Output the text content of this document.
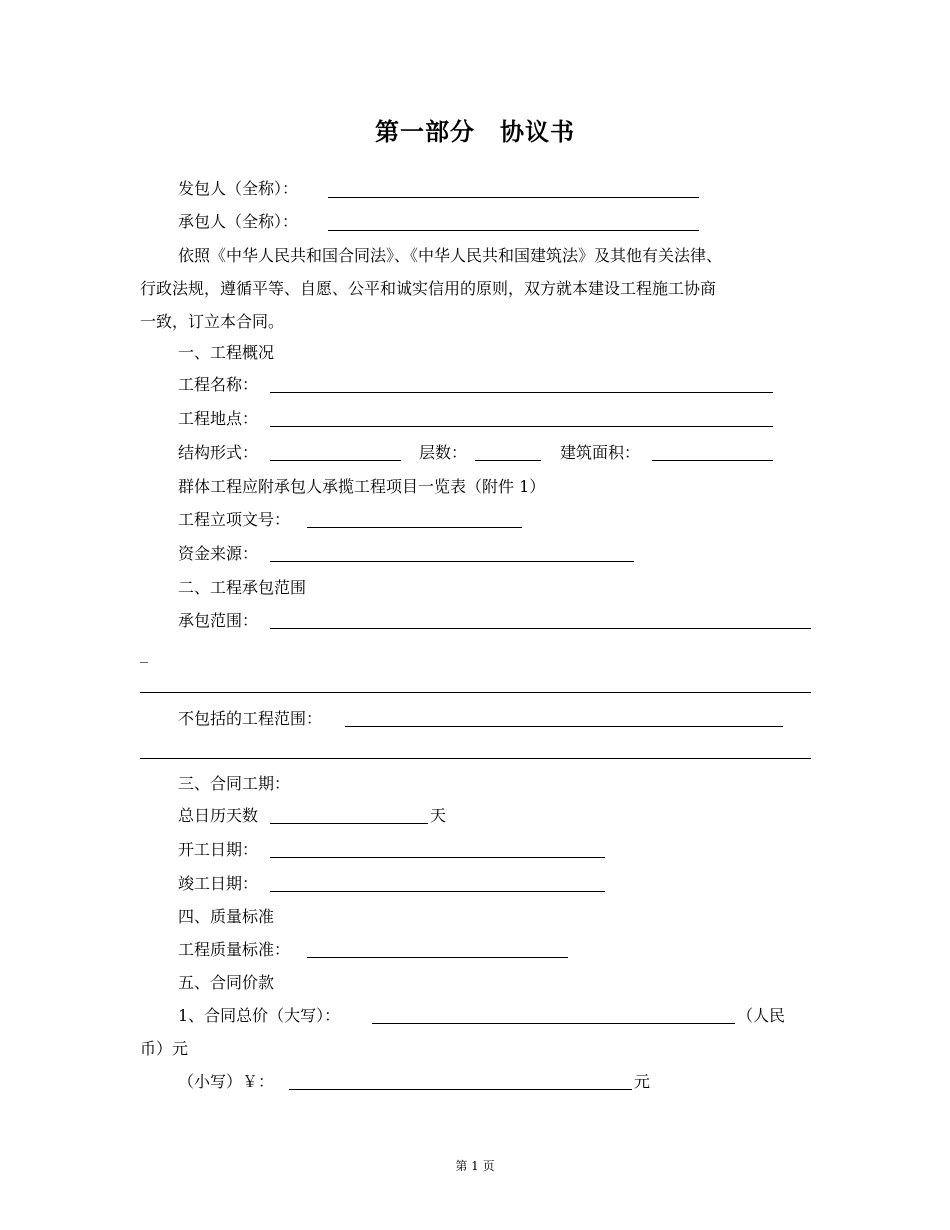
第一部分　协议书
发包人（全称）：
承包人（全称）：
依照《中华人民共和国合同法》、《中华人民共和国建筑法》及其他有关法律、
行政法规，遵循平等、自愿、公平和诚实信用的原则，双方就本建设工程施工协商
一致，订立本合同。
一、工程概况
工程名称：
工程地点：
结构形式：	层数：	建筑面积：
群体工程应附承包人承揽工程项目一览表（附件 1）
工程立项文号：
资金来源：
二、工程承包范围
承包范围：
_
不包括的工程范围：
三、合同工期：
总日历天数	天
开工日期：
竣工日期：
四、质量标准
工程质量标准：
五、合同价款
1、合同总价（大写）：	（人民
币）元
（小写）￥：	元
第 1 页
